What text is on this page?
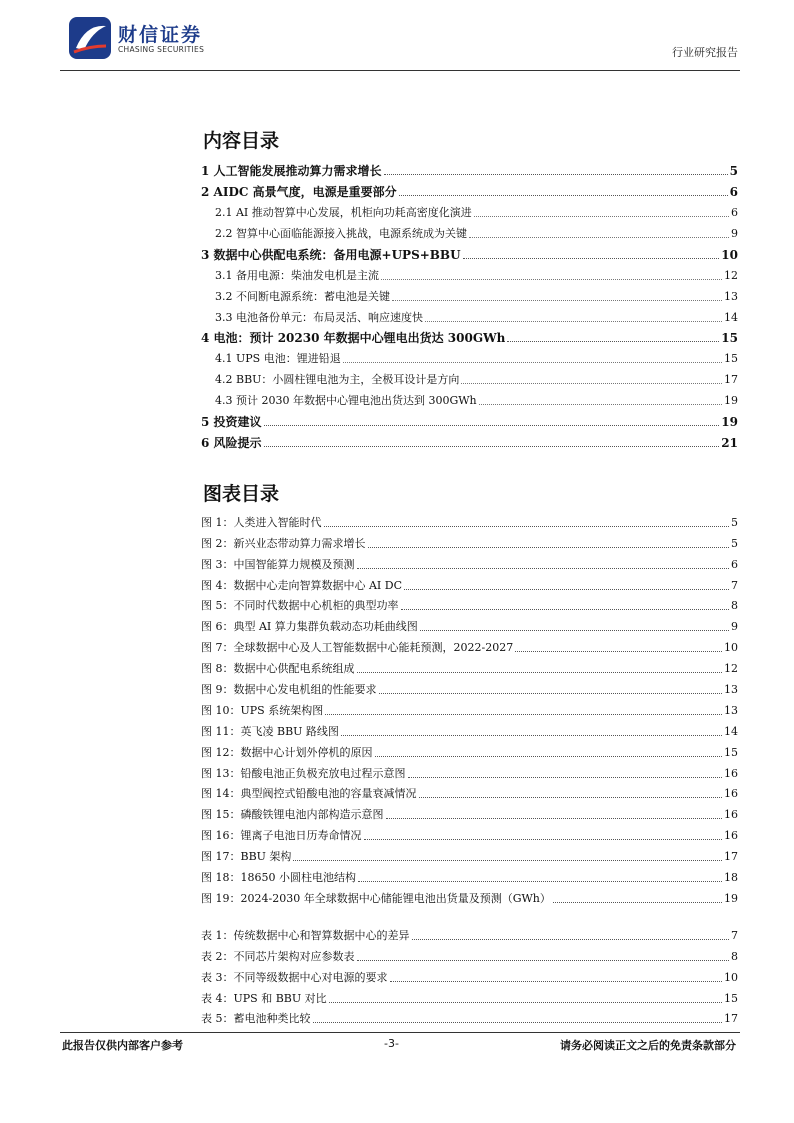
财信证券
CHASING SECURITIES	行业研究报告
内容目录
1 人工智能发展推动算力需求增长	5
2 AIDC 高景气度，电源是重要部分	6
2.1 AI 推动智算中心发展，机柜向功耗高密度化演进	6
2.2 智算中心面临能源接入挑战，电源系统成为关键	9
3 数据中心供配电系统：备用电源+UPS+BBU	10
3.1 备用电源：柴油发电机是主流	12
3.2 不间断电源系统：蓄电池是关键	13
3.3 电池备份单元：布局灵活、响应速度快	14
4 电池：预计 20230 年数据中心锂电出货达 300GWh	15
4.1 UPS 电池：锂进铅退	15
4.2 BBU：小圆柱锂电池为主，全极耳设计是方向	17
4.3 预计 2030 年数据中心锂电池出货达到 300GWh	19
5 投资建议	19
6 风险提示	21
图表目录
图 1：人类进入智能时代	5
图 2：新兴业态带动算力需求增长	5
图 3：中国智能算力规模及预测	6
图 4：数据中心走向智算数据中心 AI DC	7
图 5：不同时代数据中心机柜的典型功率	8
图 6：典型 AI 算力集群负载动态功耗曲线图	9
图 7：全球数据中心及人工智能数据中心能耗预测，2022-2027	10
图 8：数据中心供配电系统组成	12
图 9：数据中心发电机组的性能要求	13
图 10：UPS 系统架构图	13
图 11：英飞凌 BBU 路线图	14
图 12：数据中心计划外停机的原因	15
图 13：铅酸电池正负极充放电过程示意图	16
图 14：典型阀控式铅酸电池的容量衰减情况	16
图 15：磷酸铁锂电池内部构造示意图	16
图 16：锂离子电池日历寿命情况	16
图 17：BBU 架构	17
图 18：18650 小圆柱电池结构	18
图 19：2024-2030 年全球数据中心储能锂电池出货量及预测（GWh）	19
表 1：传统数据中心和智算数据中心的差异	7
表 2：不同芯片架构对应参数表	8
表 3：不同等级数据中心对电源的要求	10
表 4：UPS 和 BBU 对比	15
表 5：蓄电池种类比较	17
此报告仅供内部客户参考	-3-	请务必阅读正文之后的免责条款部分
